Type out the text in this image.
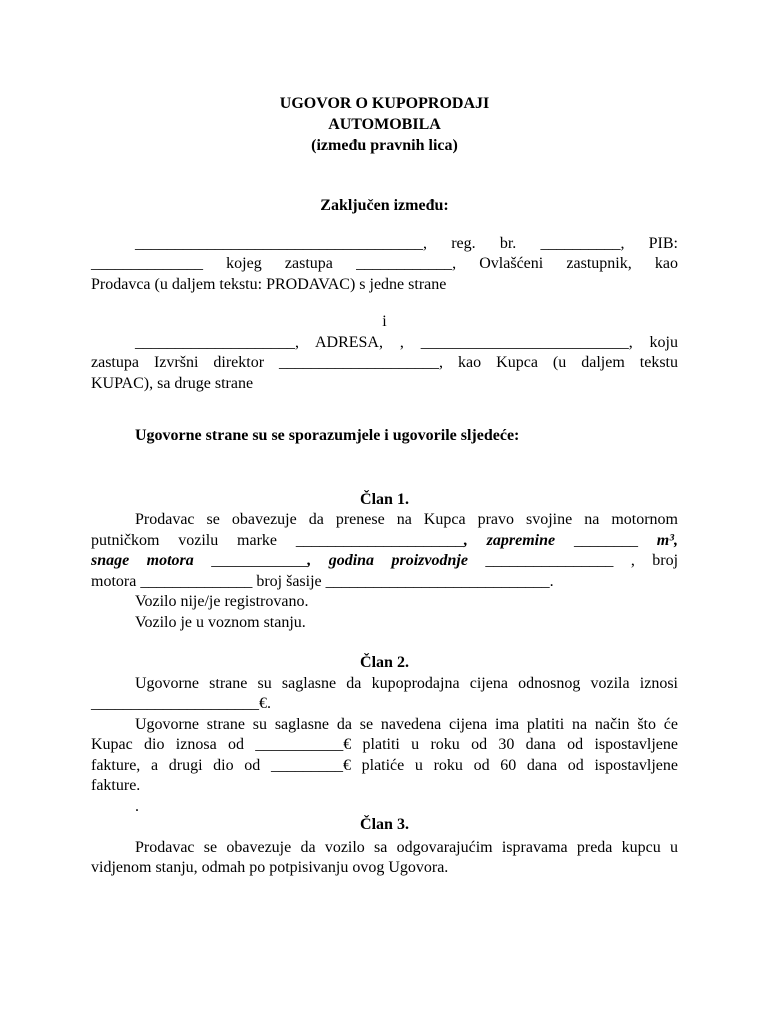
UGOVOR O KUPOPRODAJI

AUTOMOBILA

(između pravnih lica)

Zaključen između:

____________________________________, reg. br. __________, PIB:

______________ kojeg zastupa ____________, Ovlašćeni zastupnik, kao

Prodavca (u daljem tekstu: PRODAVAC) s jedne strane

i

____________________, ADRESA, , __________________________, koju

zastupa Izvršni direktor ____________________, kao Kupca (u daljem tekstu

KUPAC), sa druge strane

Ugovorne strane su se sporazumjele i ugovorile sljedeće:

Član 1.

Prodavac se obavezuje da prenese na Kupca pravo svojine na motornom

putničkom vozilu marke _____________________, zapremine ________ m³,

snage motora ____________, godina proizvodnje ________________ , broj

motora ______________ broj šasije ____________________________.

Vozilo nije/je registrovano.

Vozilo je u voznom stanju.

Član 2.

Ugovorne strane su saglasne da kupoprodajna cijena odnosnog vozila iznosi

_____________________€.

Ugovorne strane su saglasne da se navedena cijena ima platiti na način što će

Kupac dio iznosa od ___________€ platiti u roku od 30 dana od ispostavljene

fakture, a drugi dio od _________€ platiće u roku od 60 dana od ispostavljene

fakture.

.

Član 3.

Prodavac se obavezuje da vozilo sa odgovarajućim ispravama preda kupcu u

vidjenom stanju, odmah po potpisivanju ovog Ugovora.
